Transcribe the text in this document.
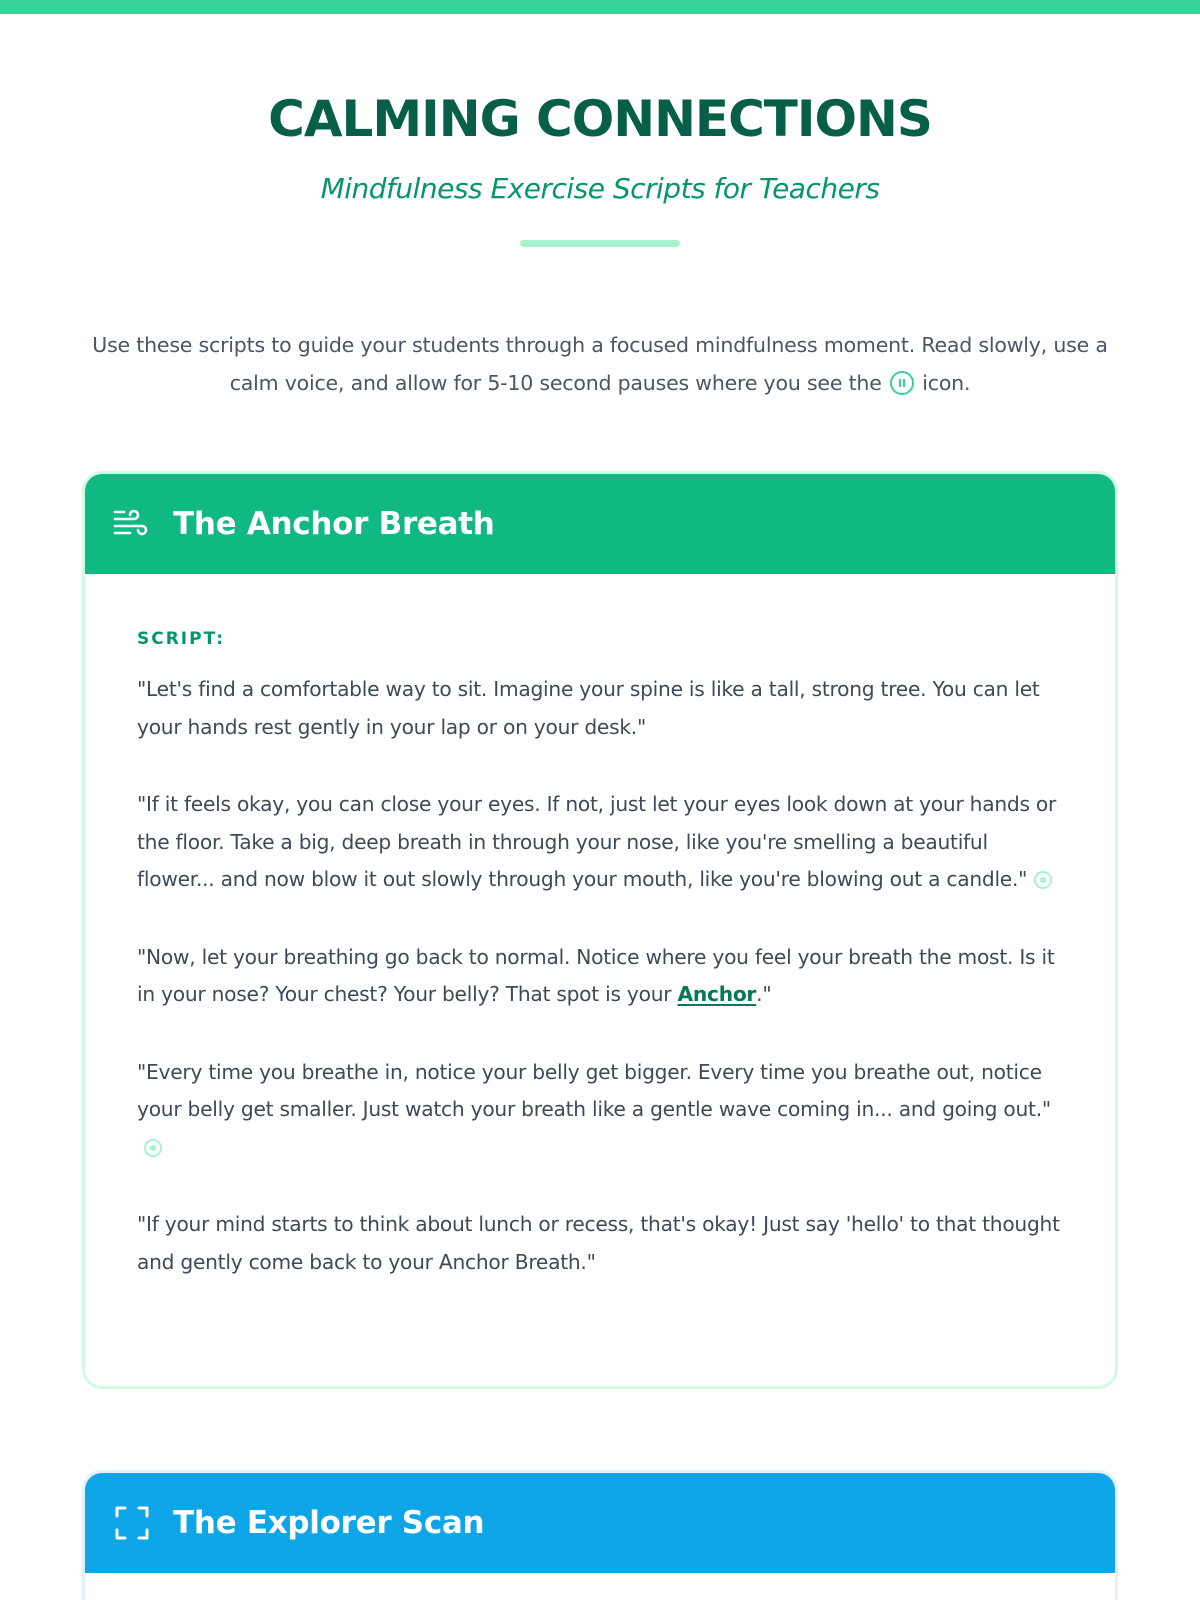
CALMING CONNECTIONS
Mindfulness Exercise Scripts for Teachers

Use these scripts to guide your students through a focused mindfulness moment. Read slowly, use a calm voice, and allow for 5-10 second pauses where you see the icon.

The Anchor Breath
SCRIPT:

"Let's find a comfortable way to sit. Imagine your spine is like a tall, strong tree. You can let your hands rest gently in your lap or on your desk."

"If it feels okay, you can close your eyes. If not, just let your eyes look down at your hands or the floor. Take a big, deep breath in through your nose, like you're smelling a beautiful flower... and now blow it out slowly through your mouth, like you're blowing out a candle."

"Now, let your breathing go back to normal. Notice where you feel your breath the most. Is it in your nose? Your chest? Your belly? That spot is your Anchor."

"Every time you breathe in, notice your belly get bigger. Every time you breathe out, notice your belly get smaller. Just watch your breath like a gentle wave coming in... and going out."

"If your mind starts to think about lunch or recess, that's okay! Just say 'hello' to that thought and gently come back to your Anchor Breath."

The Explorer Scan
